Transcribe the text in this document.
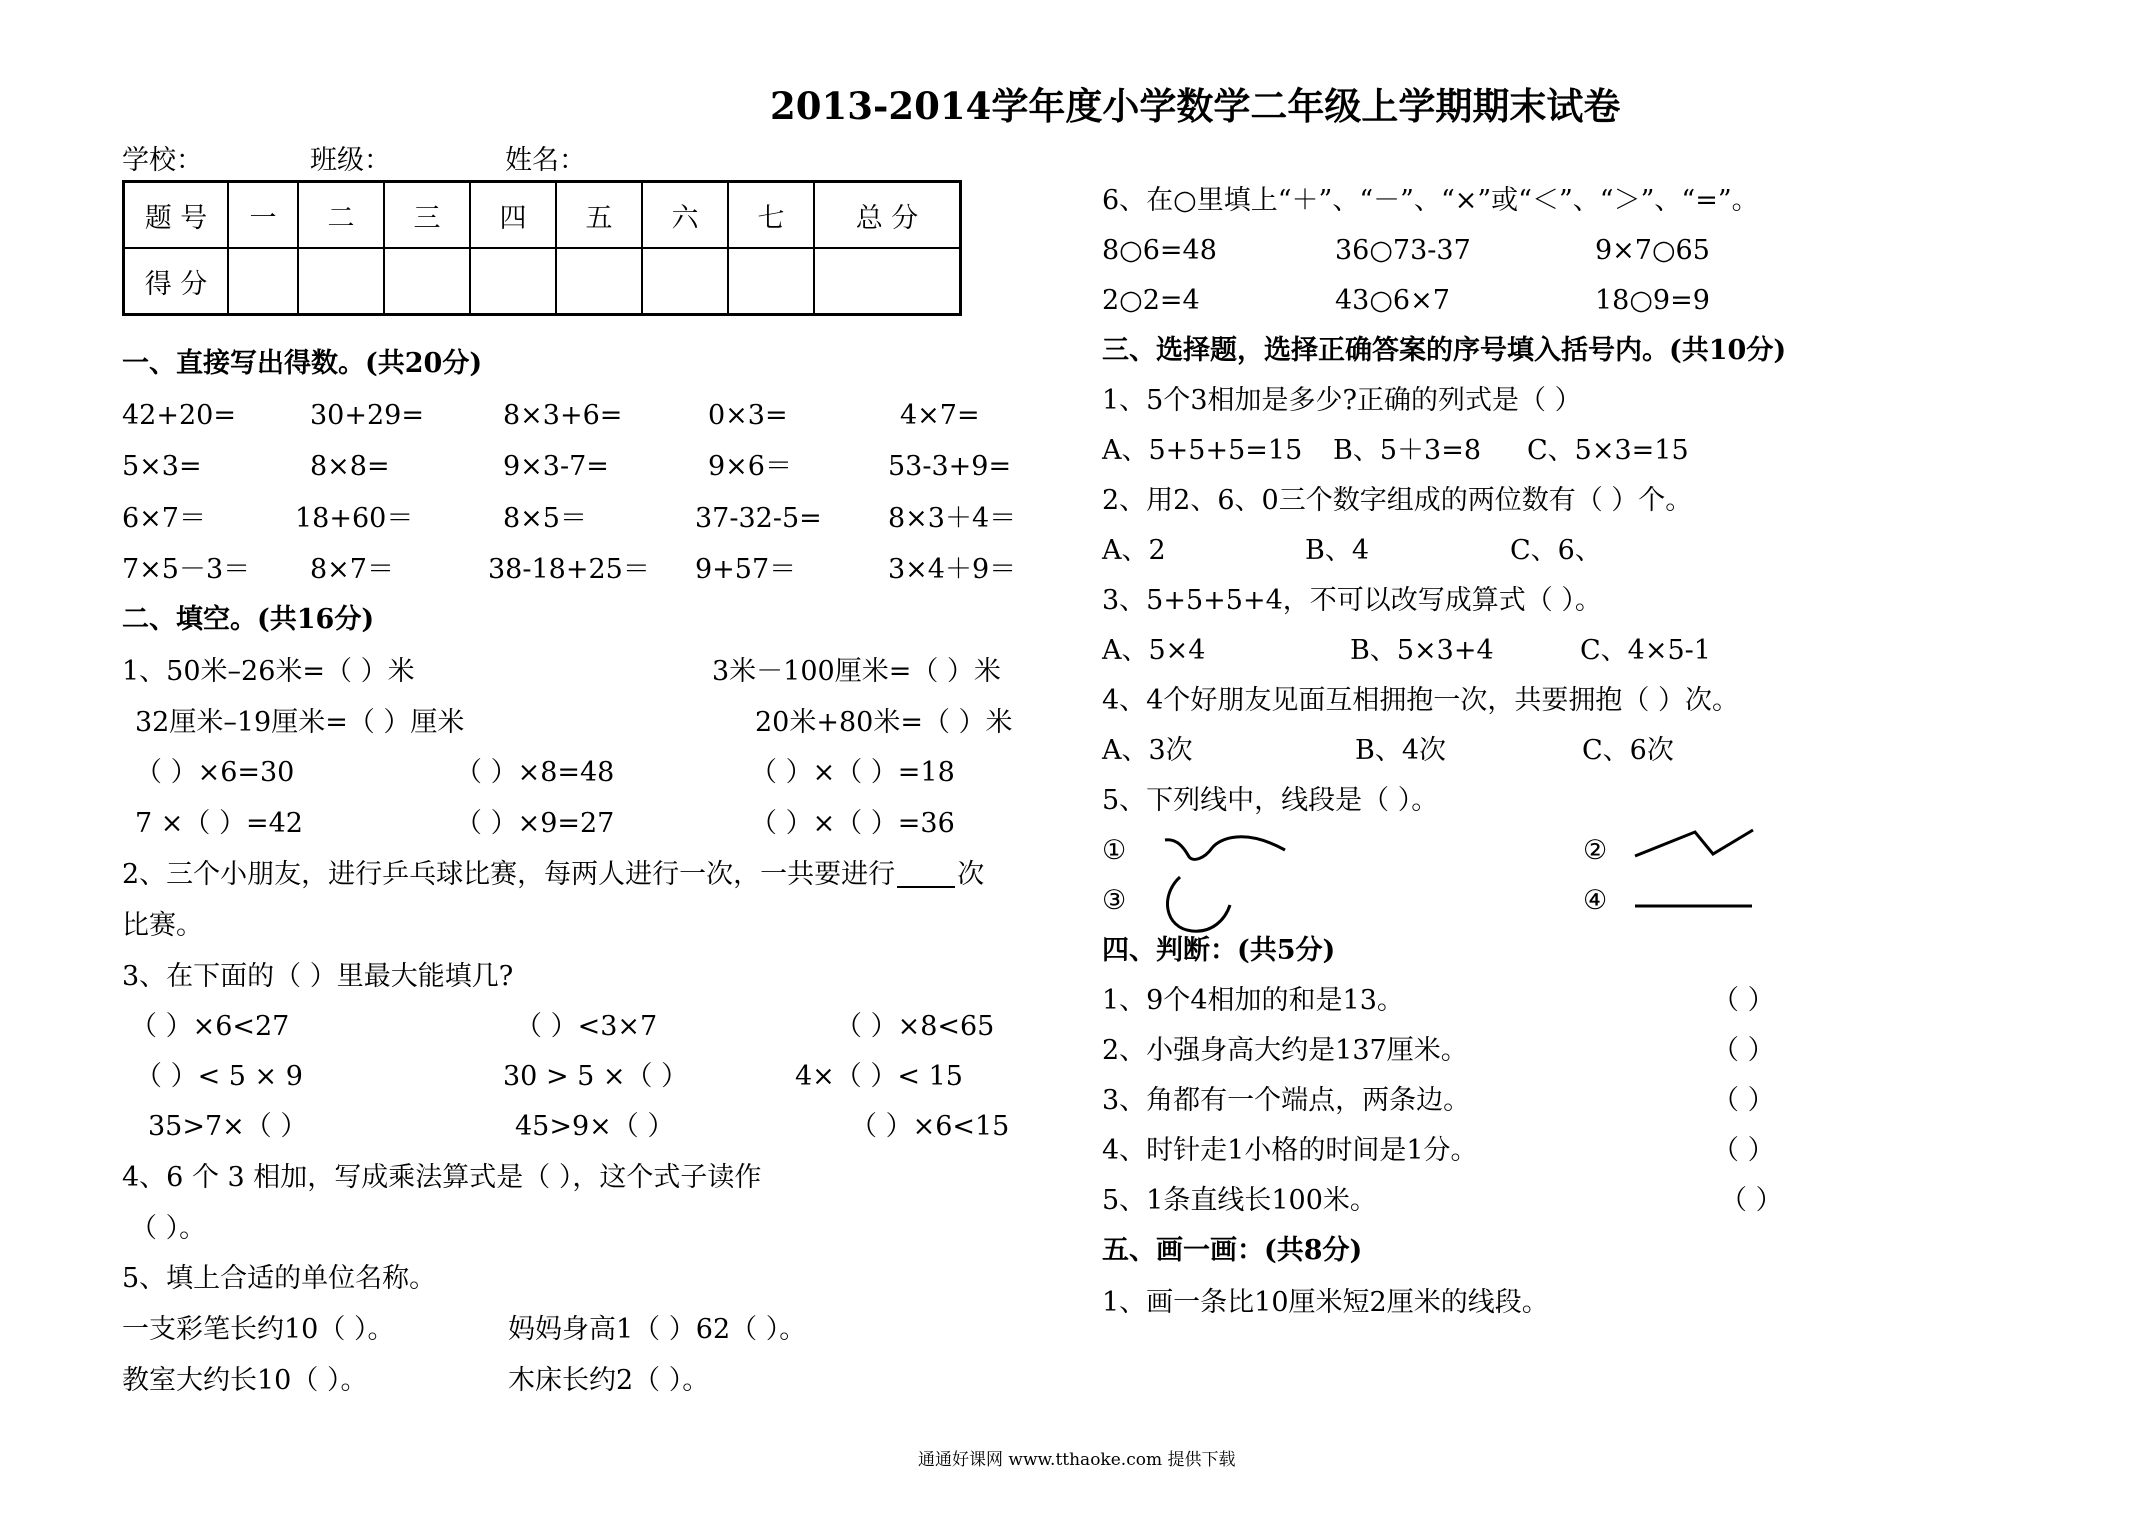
2013-2014学年度小学数学二年级上学期期末试卷
学校：	班级：	姓名：
题 号	一	二	三	四	五	六	七	总 分
得 分								
一、直接写出得数。(共20分)
42+20=	30+29=	8×3+6=	0×3=	4×7=
5×3=	8×8=	9×3-7=	9×6＝	53-3+9=
6×7＝	18+60＝	8×5＝	37-32-5= 8×3＋4＝
7×5－3＝ 8×7＝	38-18+25＝ 9+57＝	3×4＋9＝
二、填空。(共16分)
1、50米–26米=（ ）米	3米－100厘米=（ ）米
32厘米–19厘米=（ ）厘米	20米+80米=（ ）米
（ ）×6=30	（ ）×8=48	（ ）×（ ）=18
7 ×（ ）=42	（ ）×9=27	（ ）×（ ）=36
2、三个小朋友，进行乒乓球比赛，每两人进行一次，一共要进行 次
比赛。
3、在下面的（ ）里最大能填几?
（ ）×6<27	（ ）<3×7	（ ）×8<65
（ ）< 5 × 9	30 > 5 ×（ ）	4×（ ）< 15
35>7×（ ）	45>9×（ ）	（ ）×6<15
4、6 个 3 相加，写成乘法算式是（ ），这个式子读作
（ ）。
5、填上合适的单位名称。
一支彩笔长约10（ ）。	妈妈身高1（ ）62（ ）。
教室大约长10（ ）。	木床长约2（ ）。
6、在○里填上“＋”、“－”、“×”或“＜”、“＞”、“=”。
8○6=48	36○73-37	9×7○65
2○2=4	43○6×7	18○9=9
三、选择题，选择正确答案的序号填入括号内。(共10分)
1、5个3相加是多少?正确的列式是（ ）
A、5+5+5=15 B、5＋3=8 C、5×3=15
2、用2、6、0三个数字组成的两位数有（ ）个。
A、2	B、4	C、6、
3、5+5+5+4，不可以改写成算式（ ）。
A、5×4	B、5×3+4	C、4×5-1
4、4个好朋友见面互相拥抱一次，共要拥抱（ ）次。
A、3次	B、4次	C、6次
5、下列线中，线段是（ ）。
①	②
③	④
四、判断：(共5分)
1、9个4相加的和是13。	（ ）
2、小强身高大约是137厘米。	（ ）
3、角都有一个端点，两条边。	（ ）
4、时针走1小格的时间是1分。	（ ）
5、1条直线长100米。	（ ）
五、画一画：(共8分)
1、画一条比10厘米短2厘米的线段。
通通好课网 www.tthaoke.com 提供下载
